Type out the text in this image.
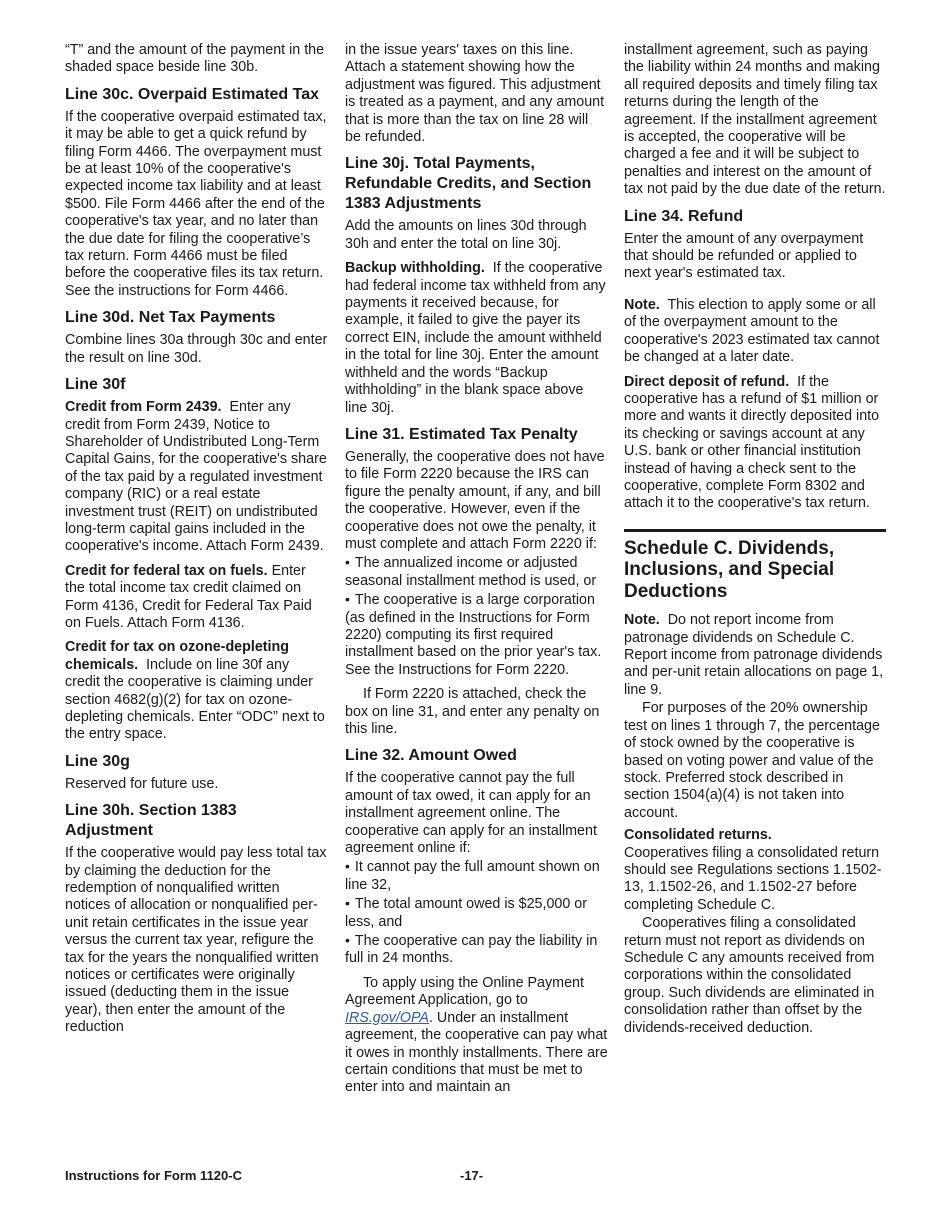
“T” and the amount of the payment in the shaded space beside line 30b.

Line 30c. Overpaid Estimated Tax

If the cooperative overpaid estimated tax, it may be able to get a quick refund by filing Form 4466. The overpayment must be at least 10% of the cooperative's expected income tax liability and at least $500. File Form 4466 after the end of the cooperative's tax year, and no later than the due date for filing the cooperative’s tax return. Form 4466 must be filed before the cooperative files its tax return. See the instructions for Form 4466.

Line 30d. Net Tax Payments

Combine lines 30a through 30c and enter the result on line 30d.

Line 30f

Credit from Form 2439. Enter any credit from Form 2439, Notice to Shareholder of Undistributed Long-Term Capital Gains, for the cooperative's share of the tax paid by a regulated investment company (RIC) or a real estate investment trust (REIT) on undistributed long-term capital gains included in the cooperative's income. Attach Form 2439.

Credit for federal tax on fuels. Enter the total income tax credit claimed on Form 4136, Credit for Federal Tax Paid on Fuels. Attach Form 4136.

Credit for tax on ozone-depleting chemicals. Include on line 30f any credit the cooperative is claiming under section 4682(g)(2) for tax on ozone-depleting chemicals. Enter “ODC” next to the entry space.

Line 30g

Reserved for future use.

Line 30h. Section 1383 Adjustment

If the cooperative would pay less total tax by claiming the deduction for the redemption of nonqualified written notices of allocation or nonqualified per-unit retain certificates in the issue year versus the current tax year, refigure the tax for the years the nonqualified written notices or certificates were originally issued (deducting them in the issue year), then enter the amount of the reduction

in the issue years' taxes on this line. Attach a statement showing how the adjustment was figured. This adjustment is treated as a payment, and any amount that is more than the tax on line 28 will be refunded.

Line 30j. Total Payments, Refundable Credits, and Section 1383 Adjustments

Add the amounts on lines 30d through 30h and enter the total on line 30j.

Backup withholding. If the cooperative had federal income tax withheld from any payments it received because, for example, it failed to give the payer its correct EIN, include the amount withheld in the total for line 30j. Enter the amount withheld and the words “Backup withholding” in the blank space above line 30j.

Line 31. Estimated Tax Penalty

Generally, the cooperative does not have to file Form 2220 because the IRS can figure the penalty amount, if any, and bill the cooperative. However, even if the cooperative does not owe the penalty, it must complete and attach Form 2220 if:

• The annualized income or adjusted seasonal installment method is used, or

• The cooperative is a large corporation (as defined in the Instructions for Form 2220) computing its first required installment based on the prior year's tax. See the Instructions for Form 2220.

If Form 2220 is attached, check the box on line 31, and enter any penalty on this line.

Line 32. Amount Owed

If the cooperative cannot pay the full amount of tax owed, it can apply for an installment agreement online. The cooperative can apply for an installment agreement online if:

• It cannot pay the full amount shown on line 32,

• The total amount owed is $25,000 or less, and

• The cooperative can pay the liability in full in 24 months.

To apply using the Online Payment Agreement Application, go to IRS.gov/OPA. Under an installment agreement, the cooperative can pay what it owes in monthly installments. There are certain conditions that must be met to enter into and maintain an

installment agreement, such as paying the liability within 24 months and making all required deposits and timely filing tax returns during the length of the agreement. If the installment agreement is accepted, the cooperative will be charged a fee and it will be subject to penalties and interest on the amount of tax not paid by the due date of the return.

Line 34. Refund

Enter the amount of any overpayment that should be refunded or applied to next year's estimated tax.

Note. This election to apply some or all of the overpayment amount to the cooperative's 2023 estimated tax cannot be changed at a later date.

Direct deposit of refund. If the cooperative has a refund of $1 million or more and wants it directly deposited into its checking or savings account at any U.S. bank or other financial institution instead of having a check sent to the cooperative, complete Form 8302 and attach it to the cooperative's tax return.

Schedule C. Dividends, Inclusions, and Special Deductions

Note. Do not report income from patronage dividends on Schedule C. Report income from patronage dividends and per-unit retain allocations on page 1, line 9.

For purposes of the 20% ownership test on lines 1 through 7, the percentage of stock owned by the cooperative is based on voting power and value of the stock. Preferred stock described in section 1504(a)(4) is not taken into account.

Consolidated returns.
Cooperatives filing a consolidated return should see Regulations sections 1.1502-13, 1.1502-26, and 1.1502-27 before completing Schedule C.

Cooperatives filing a consolidated return must not report as dividends on Schedule C any amounts received from corporations within the consolidated group. Such dividends are eliminated in consolidation rather than offset by the dividends-received deduction.

Instructions for Form 1120-C	-17-
